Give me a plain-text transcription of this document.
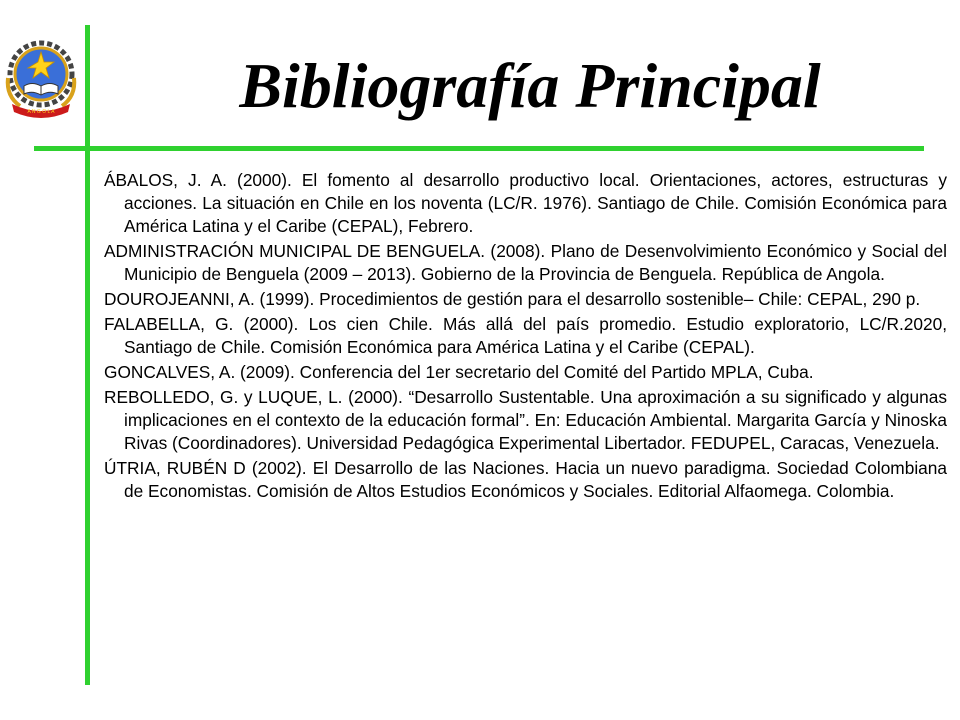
A N G O L A	Bibliografía Principal
ÁBALOS, J. A. (2000). El fomento al desarrollo productivo local. Orientaciones, actores, estructuras y acciones. La situación en Chile en los noventa (LC/R. 1976). Santiago de Chile. Comisión Económica para América Latina y el Caribe (CEPAL), Febrero.
ADMINISTRACIÓN MUNICIPAL DE BENGUELA. (2008). Plano de Desenvolvimiento Económico y Social del Municipio de Benguela (2009 – 2013). Gobierno de la Provincia de Benguela. República de Angola.
DOUROJEANNI, A. (1999). Procedimientos de gestión para el desarrollo sostenible– Chile: CEPAL, 290 p.
FALABELLA, G. (2000). Los cien Chile. Más allá del país promedio. Estudio exploratorio, LC/R.2020, Santiago de Chile. Comisión Económica para América Latina y el Caribe (CEPAL).
GONCALVES, A. (2009). Conferencia del 1er secretario del Comité del Partido MPLA, Cuba.
REBOLLEDO, G. y LUQUE, L. (2000). “Desarrollo Sustentable. Una aproximación a su significado y algunas implicaciones en el contexto de la educación formal”. En: Educación Ambiental. Margarita García y Ninoska Rivas (Coordinadores). Universidad Pedagógica Experimental Libertador. FEDUPEL, Caracas, Venezuela.
ÚTRIA, RUBÉN D (2002). El Desarrollo de las Naciones. Hacia un nuevo paradigma. Sociedad Colombiana de Economistas. Comisión de Altos Estudios Económicos y Sociales. Editorial Alfaomega. Colombia.
